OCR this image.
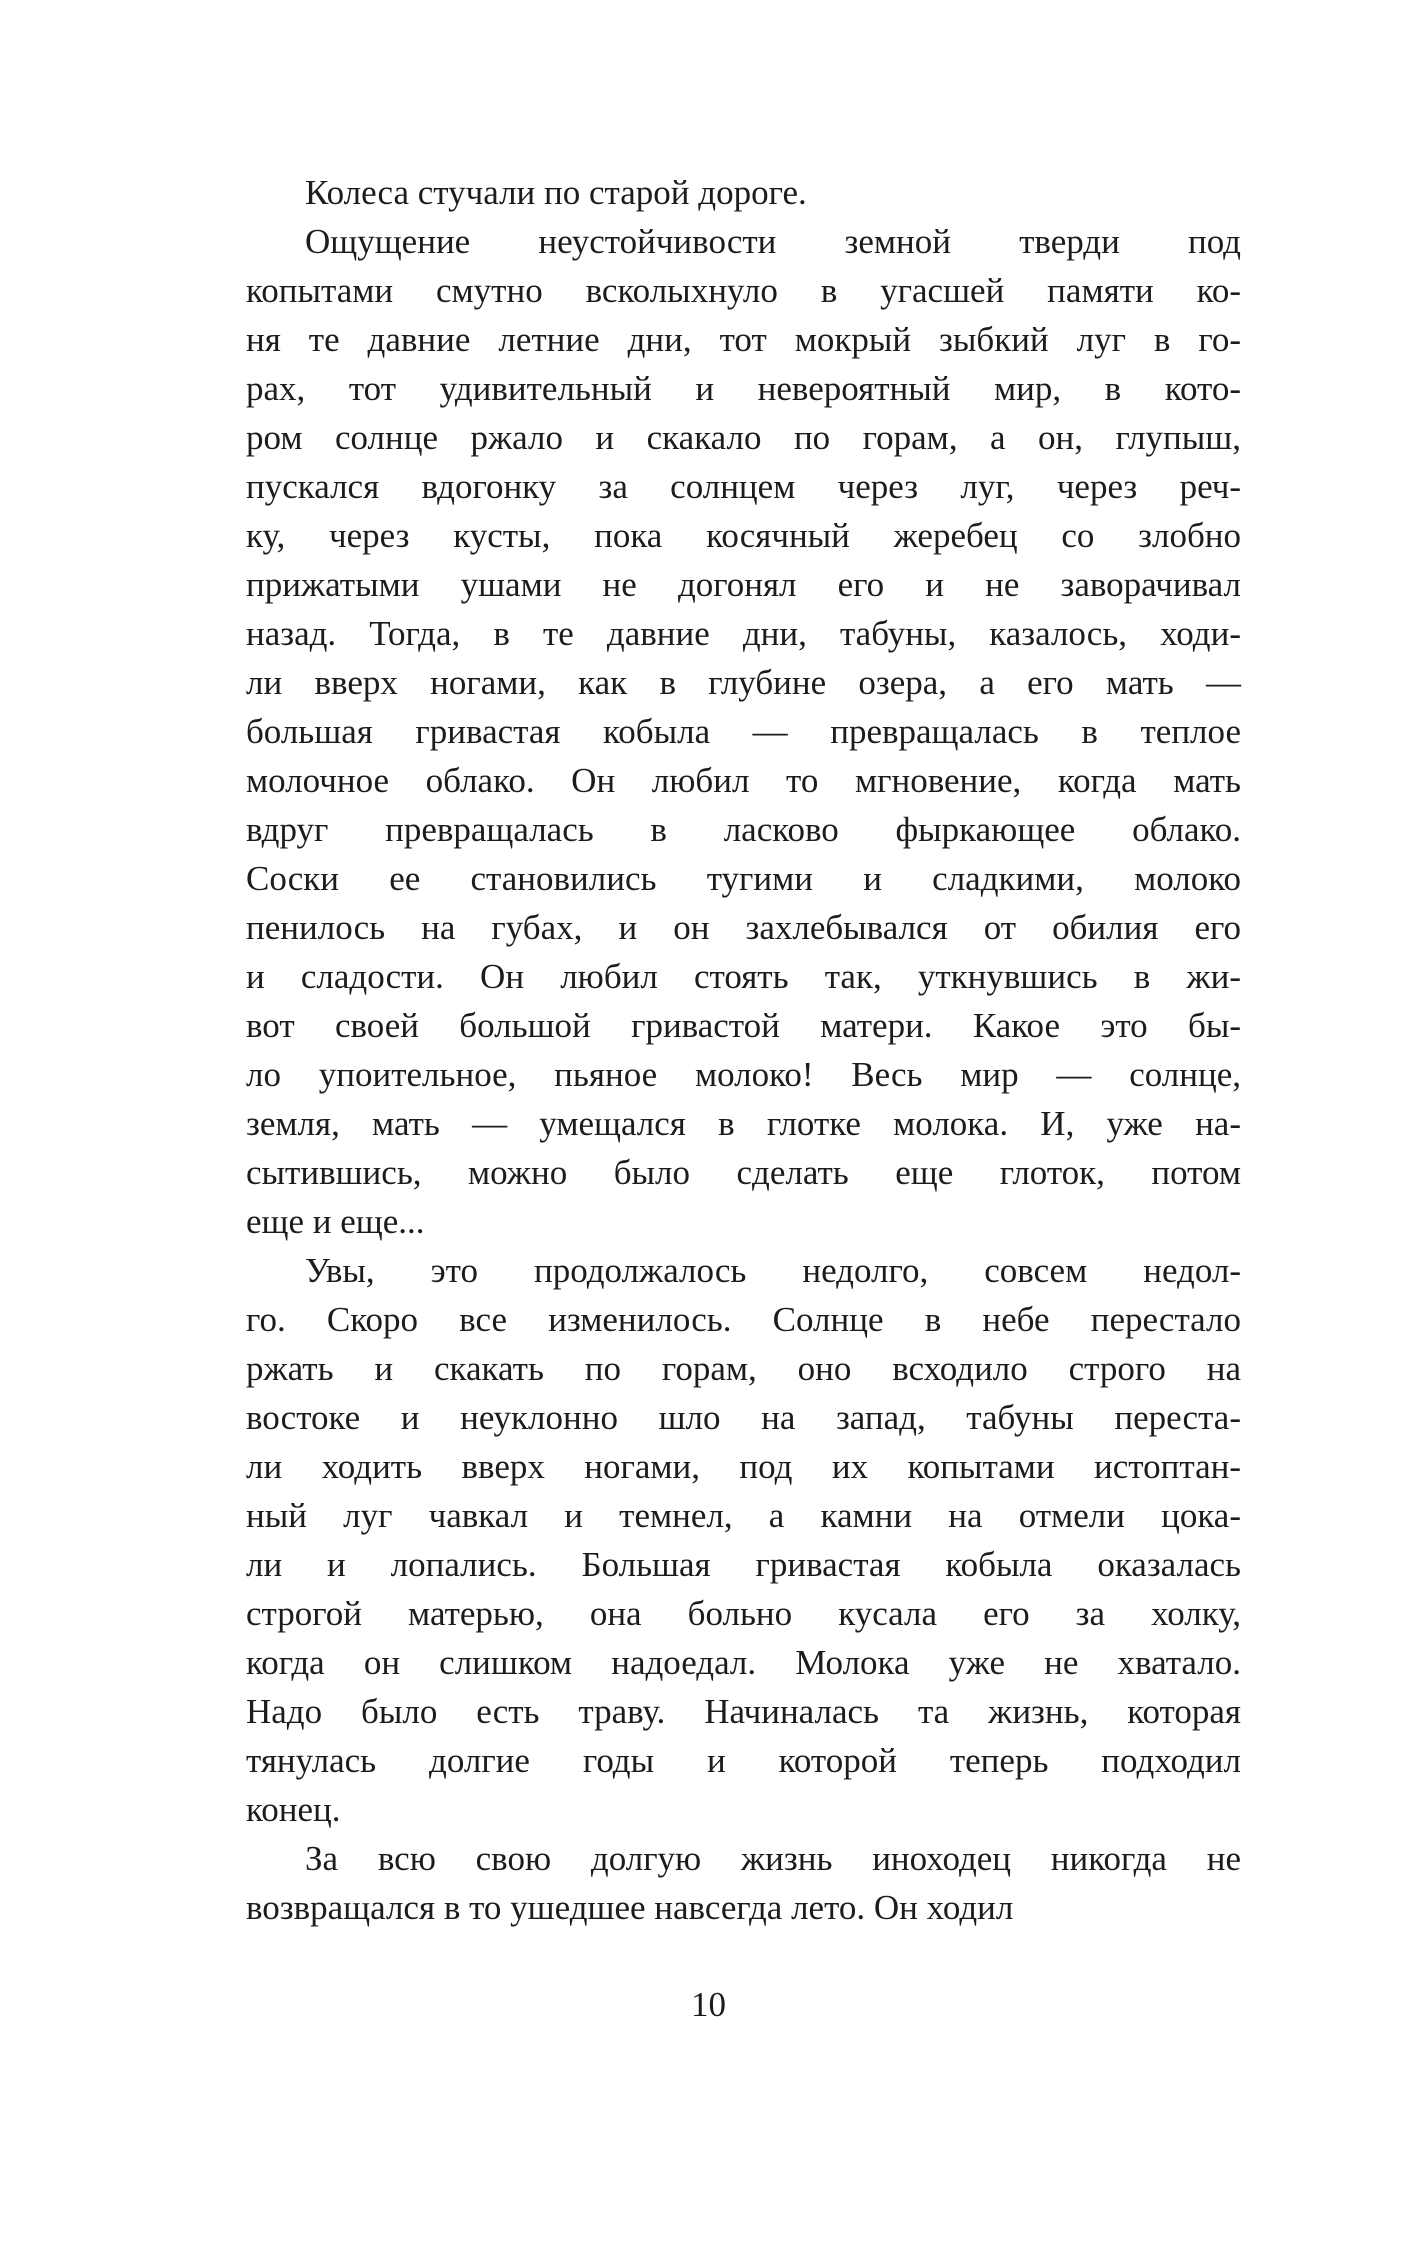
Колеса стучали по старой дороге.
Ощущение неустойчивости земной тверди под
копытами смутно всколыхнуло в угасшей памяти ко-
ня те давние летние дни, тот мокрый зыбкий луг в го-
рах, тот удивительный и невероятный мир, в кото-
ром солнце ржало и скакало по горам, а он, глупыш,
пускался вдогонку за солнцем через луг, через реч-
ку, через кусты, пока косячный жеребец со злобно
прижатыми ушами не догонял его и не заворачивал
назад. Тогда, в те давние дни, табуны, казалось, ходи-
ли вверх ногами, как в глубине озера, а его мать —
большая гривастая кобыла — превращалась в теплое
молочное облако. Он любил то мгновение, когда мать
вдруг превращалась в ласково фыркающее облако.
Соски ее становились тугими и сладкими, молоко
пенилось на губах, и он захлебывался от обилия его
и сладости. Он любил стоять так, уткнувшись в жи-
вот своей большой гривастой матери. Какое это бы-
ло упоительное, пьяное молоко! Весь мир — солнце,
земля, мать — умещался в глотке молока. И, уже на-
сытившись, можно было сделать еще глоток, потом
еще и еще...
Увы, это продолжалось недолго, совсем недол-
го. Скоро все изменилось. Солнце в небе перестало
ржать и скакать по горам, оно всходило строго на
востоке и неуклонно шло на запад, табуны переста-
ли ходить вверх ногами, под их копытами истоптан-
ный луг чавкал и темнел, а камни на отмели цока-
ли и лопались. Большая гривастая кобыла оказалась
строгой матерью, она больно кусала его за холку,
когда он слишком надоедал. Молока уже не хватало.
Надо было есть траву. Начиналась та жизнь, которая
тянулась долгие годы и которой теперь подходил
конец.
За всю свою долгую жизнь иноходец никогда не
возвращался в то ушедшее навсегда лето. Он ходил
10
